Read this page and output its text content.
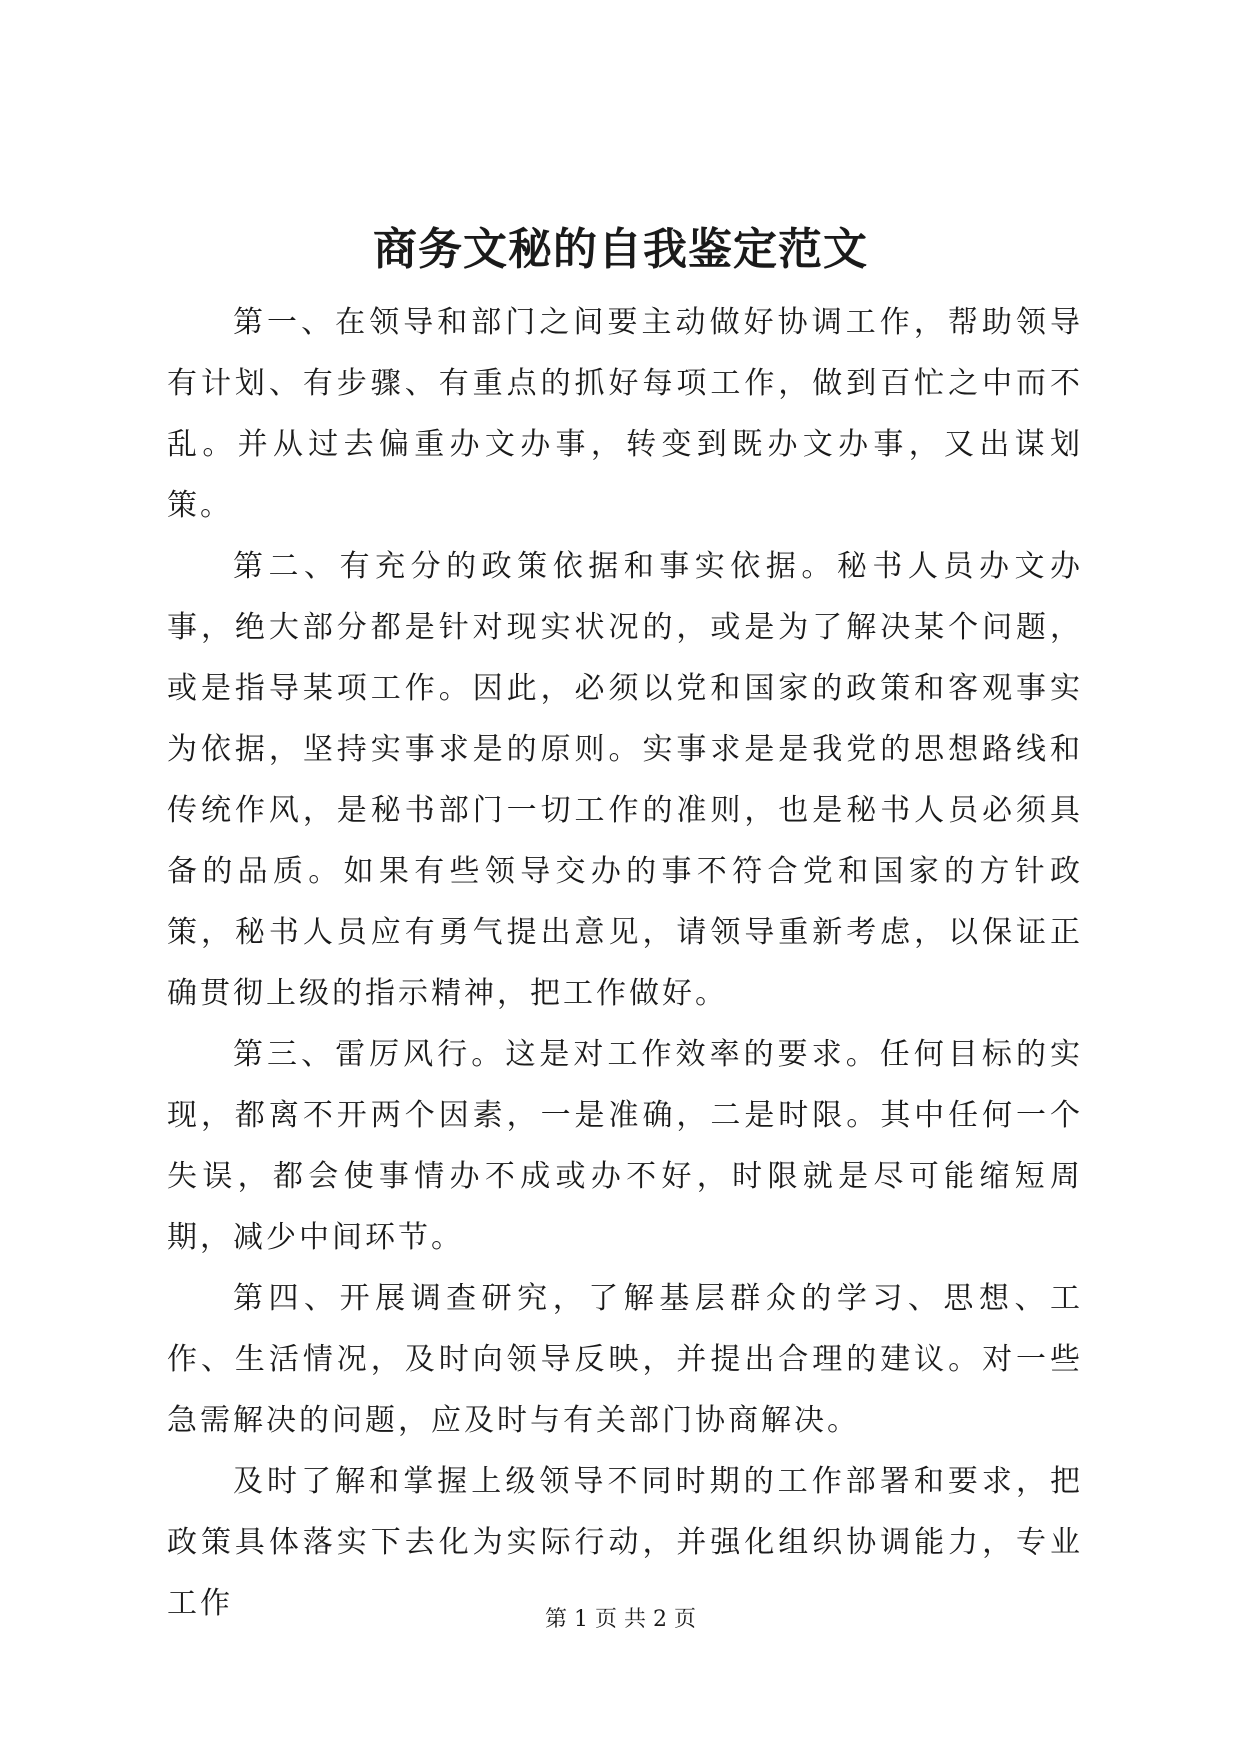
商务文秘的自我鉴定范文

第一、在领导和部门之间要主动做好协调工作，帮助领导有计划、有步骤、有重点的抓好每项工作，做到百忙之中而不乱。并从过去偏重办文办事，转变到既办文办事，又出谋划策。

第二、有充分的政策依据和事实依据。秘书人员办文办事，绝大部分都是针对现实状况的，或是为了解决某个问题，或是指导某项工作。因此，必须以党和国家的政策和客观事实为依据，坚持实事求是的原则。实事求是是我党的思想路线和传统作风，是秘书部门一切工作的准则，也是秘书人员必须具备的品质。如果有些领导交办的事不符合党和国家的方针政策，秘书人员应有勇气提出意见，请领导重新考虑，以保证正确贯彻上级的指示精神，把工作做好。

第三、雷厉风行。这是对工作效率的要求。任何目标的实现，都离不开两个因素，一是准确，二是时限。其中任何一个失误，都会使事情办不成或办不好，时限就是尽可能缩短周期，减少中间环节。

第四、开展调查研究，了解基层群众的学习、思想、工作、生活情况，及时向领导反映，并提出合理的建议。对一些急需解决的问题，应及时与有关部门协商解决。

及时了解和掌握上级领导不同时期的工作部署和要求，把政策具体落实下去化为实际行动，并强化组织协调能力，专业工作	第 1 页 共 2 页
